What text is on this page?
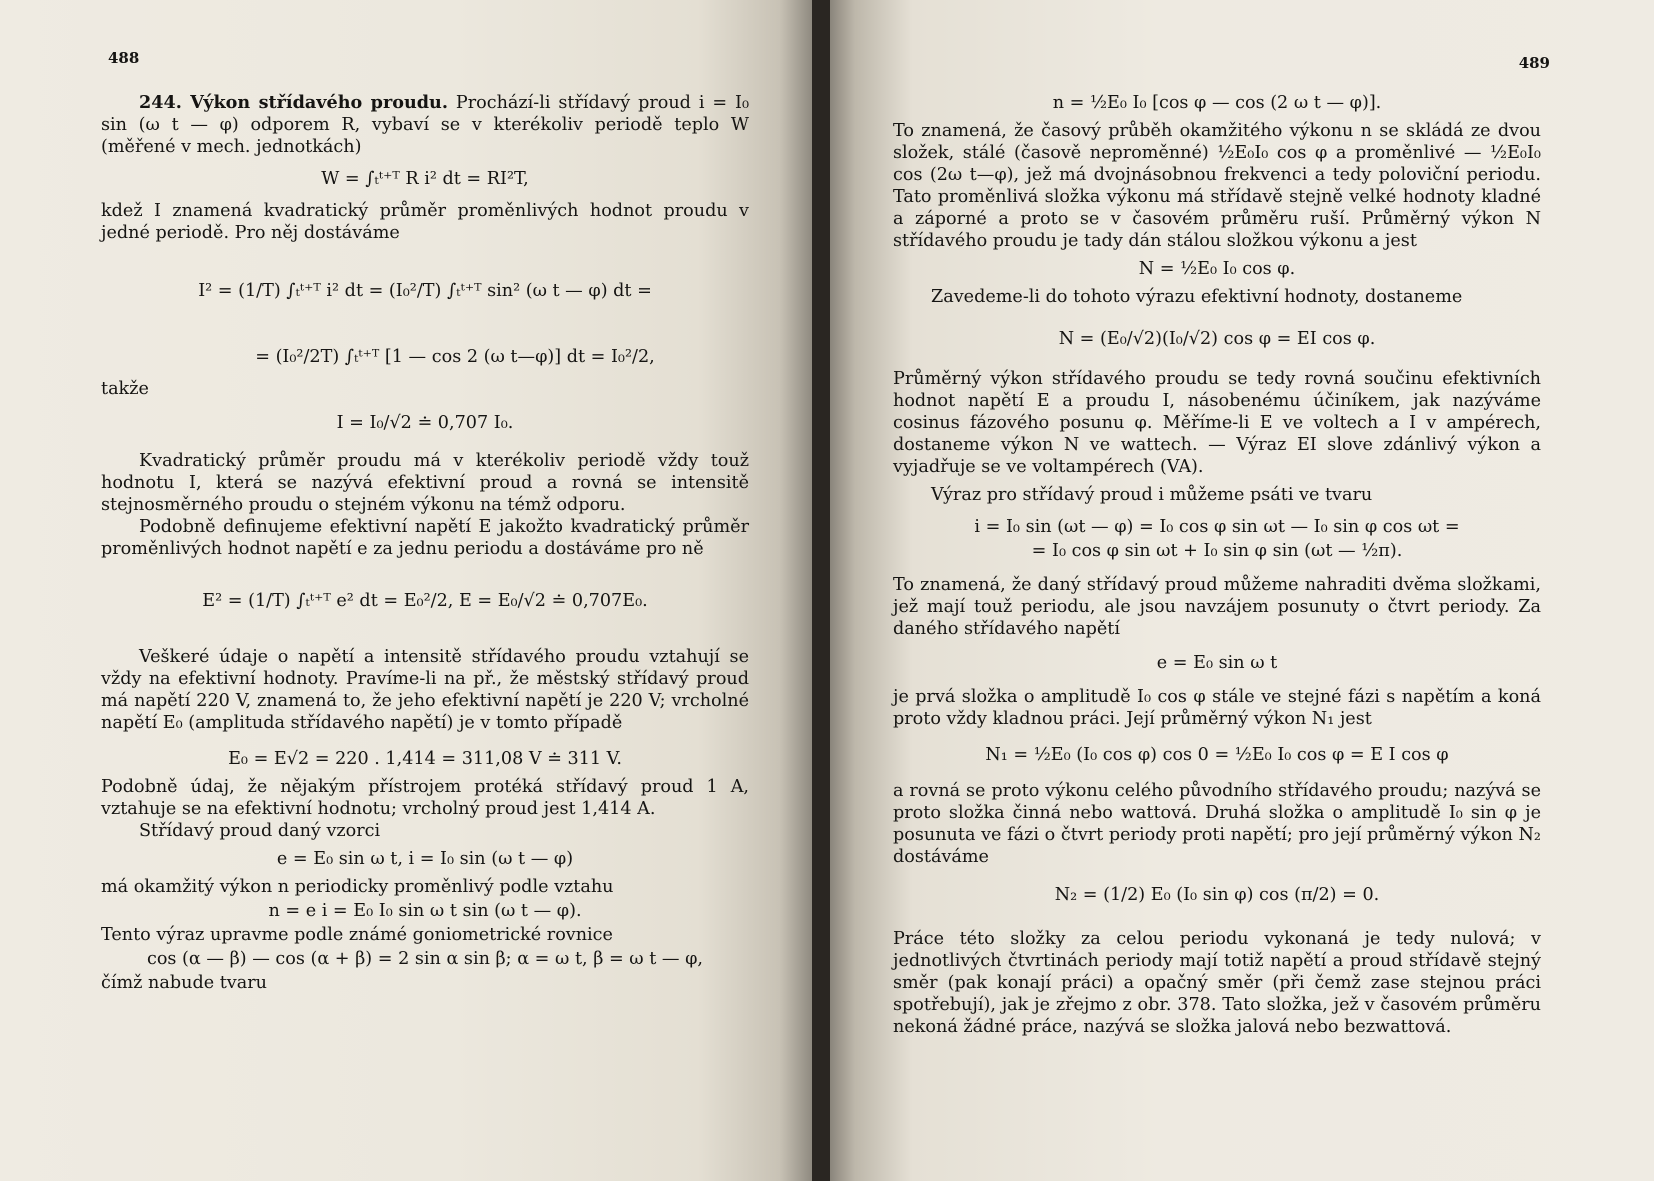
488

244. Výkon střídavého proudu. Prochází-li střídavý proud i = I₀ sin (ω t — φ) odporem R, vybaví se v kterékoliv periodě teplo W (měřené v mech. jednotkách)

W = ∫ₜᵗ⁺ᵀ R i² dt = RI²T,

kdež I znamená kvadratický průměr proměnlivých hodnot proudu v jedné periodě. Pro něj dostáváme

I² = (1/T) ∫ₜᵗ⁺ᵀ i² dt = (I₀²/T) ∫ₜᵗ⁺ᵀ sin² (ω t — φ) dt =

= (I₀²/2T) ∫ₜᵗ⁺ᵀ [1 — cos 2 (ω t—φ)] dt = I₀²/2,

takže

I = I₀/√2 ≐ 0,707 I₀.

Kvadratický průměr proudu má v kterékoliv periodě vždy touž hodnotu I, která se nazývá efektivní proud a rovná se intensitě stejnosměrného proudu o stejném výkonu na témž odporu.

Podobně definujeme efektivní napětí E jakožto kvadratický průměr proměnlivých hodnot napětí e za jednu periodu a dostáváme pro ně

E² = (1/T) ∫ₜᵗ⁺ᵀ e² dt = E₀²/2, E = E₀/√2 ≐ 0,707E₀.

Veškeré údaje o napětí a intensitě střídavého proudu vztahují se vždy na efektivní hodnoty. Pravíme-li na př., že městský střídavý proud má napětí 220 V, znamená to, že jeho efektivní napětí je 220 V; vrcholné napětí E₀ (amplituda střídavého napětí) je v tomto případě

E₀ = E√2 = 220 . 1,414 = 311,08 V ≐ 311 V.

Podobně údaj, že nějakým přístrojem protéká střídavý proud 1 A, vztahuje se na efektivní hodnotu; vrcholný proud jest 1,414 A.

Střídavý proud daný vzorci

e = E₀ sin ω t, i = I₀ sin (ω t — φ)

má okamžitý výkon n periodicky proměnlivý podle vztahu

n = e i = E₀ I₀ sin ω t sin (ω t — φ).

Tento výraz upravme podle známé goniometrické rovnice

cos (α — β) — cos (α + β) = 2 sin α sin β; α = ω t, β = ω t — φ,

čímž nabude tvaru

489

n = ½E₀ I₀ [cos φ — cos (2 ω t — φ)].

To znamená, že časový průběh okamžitého výkonu n se skládá ze dvou složek, stálé (časově neproměnné) ½E₀I₀ cos φ a proměnlivé — ½E₀I₀ cos (2ω t—φ), jež má dvojnásobnou frekvenci a tedy poloviční periodu. Tato proměnlivá složka výkonu má střídavě stejně velké hodnoty kladné a záporné a proto se v časovém průměru ruší. Průměrný výkon N střídavého proudu je tady dán stálou složkou výkonu a jest

N = ½E₀ I₀ cos φ.

Zavedeme-li do tohoto výrazu efektivní hodnoty, dostaneme

N = (E₀/√2)(I₀/√2) cos φ = EI cos φ.

Průměrný výkon střídavého proudu se tedy rovná součinu efektivních hodnot napětí E a proudu I, násobenému účiníkem, jak nazýváme cosinus fázového posunu φ. Měříme-li E ve voltech a I v ampérech, dostaneme výkon N ve wattech. — Výraz EI slove zdánlivý výkon a vyjadřuje se ve voltampérech (VA).

Výraz pro střídavý proud i můžeme psáti ve tvaru

i = I₀ sin (ωt — φ) = I₀ cos φ sin ωt — I₀ sin φ cos ωt =

= I₀ cos φ sin ωt + I₀ sin φ sin (ωt — ½π).

To znamená, že daný střídavý proud můžeme nahraditi dvěma složkami, jež mají touž periodu, ale jsou navzájem posunuty o čtvrt periody. Za daného střídavého napětí

e = E₀ sin ω t

je prvá složka o amplitudě I₀ cos φ stále ve stejné fázi s napětím a koná proto vždy kladnou práci. Její průměrný výkon N₁ jest

N₁ = ½E₀ (I₀ cos φ) cos 0 = ½E₀ I₀ cos φ = E I cos φ

a rovná se proto výkonu celého původního střídavého proudu; nazývá se proto složka činná nebo wattová. Druhá složka o amplitudě I₀ sin φ je posunuta ve fázi o čtvrt periody proti napětí; pro její průměrný výkon N₂ dostáváme

N₂ = (1/2) E₀ (I₀ sin φ) cos (π/2) = 0.

Práce této složky za celou periodu vykonaná je tedy nulová; v jednotlivých čtvrtinách periody mají totiž napětí a proud střídavě stejný směr (pak konají práci) a opačný směr (při čemž zase stejnou práci spotřebují), jak je zřejmo z obr. 378. Tato složka, jež v časovém průměru nekoná žádné práce, nazývá se složka jalová nebo bezwattová.
